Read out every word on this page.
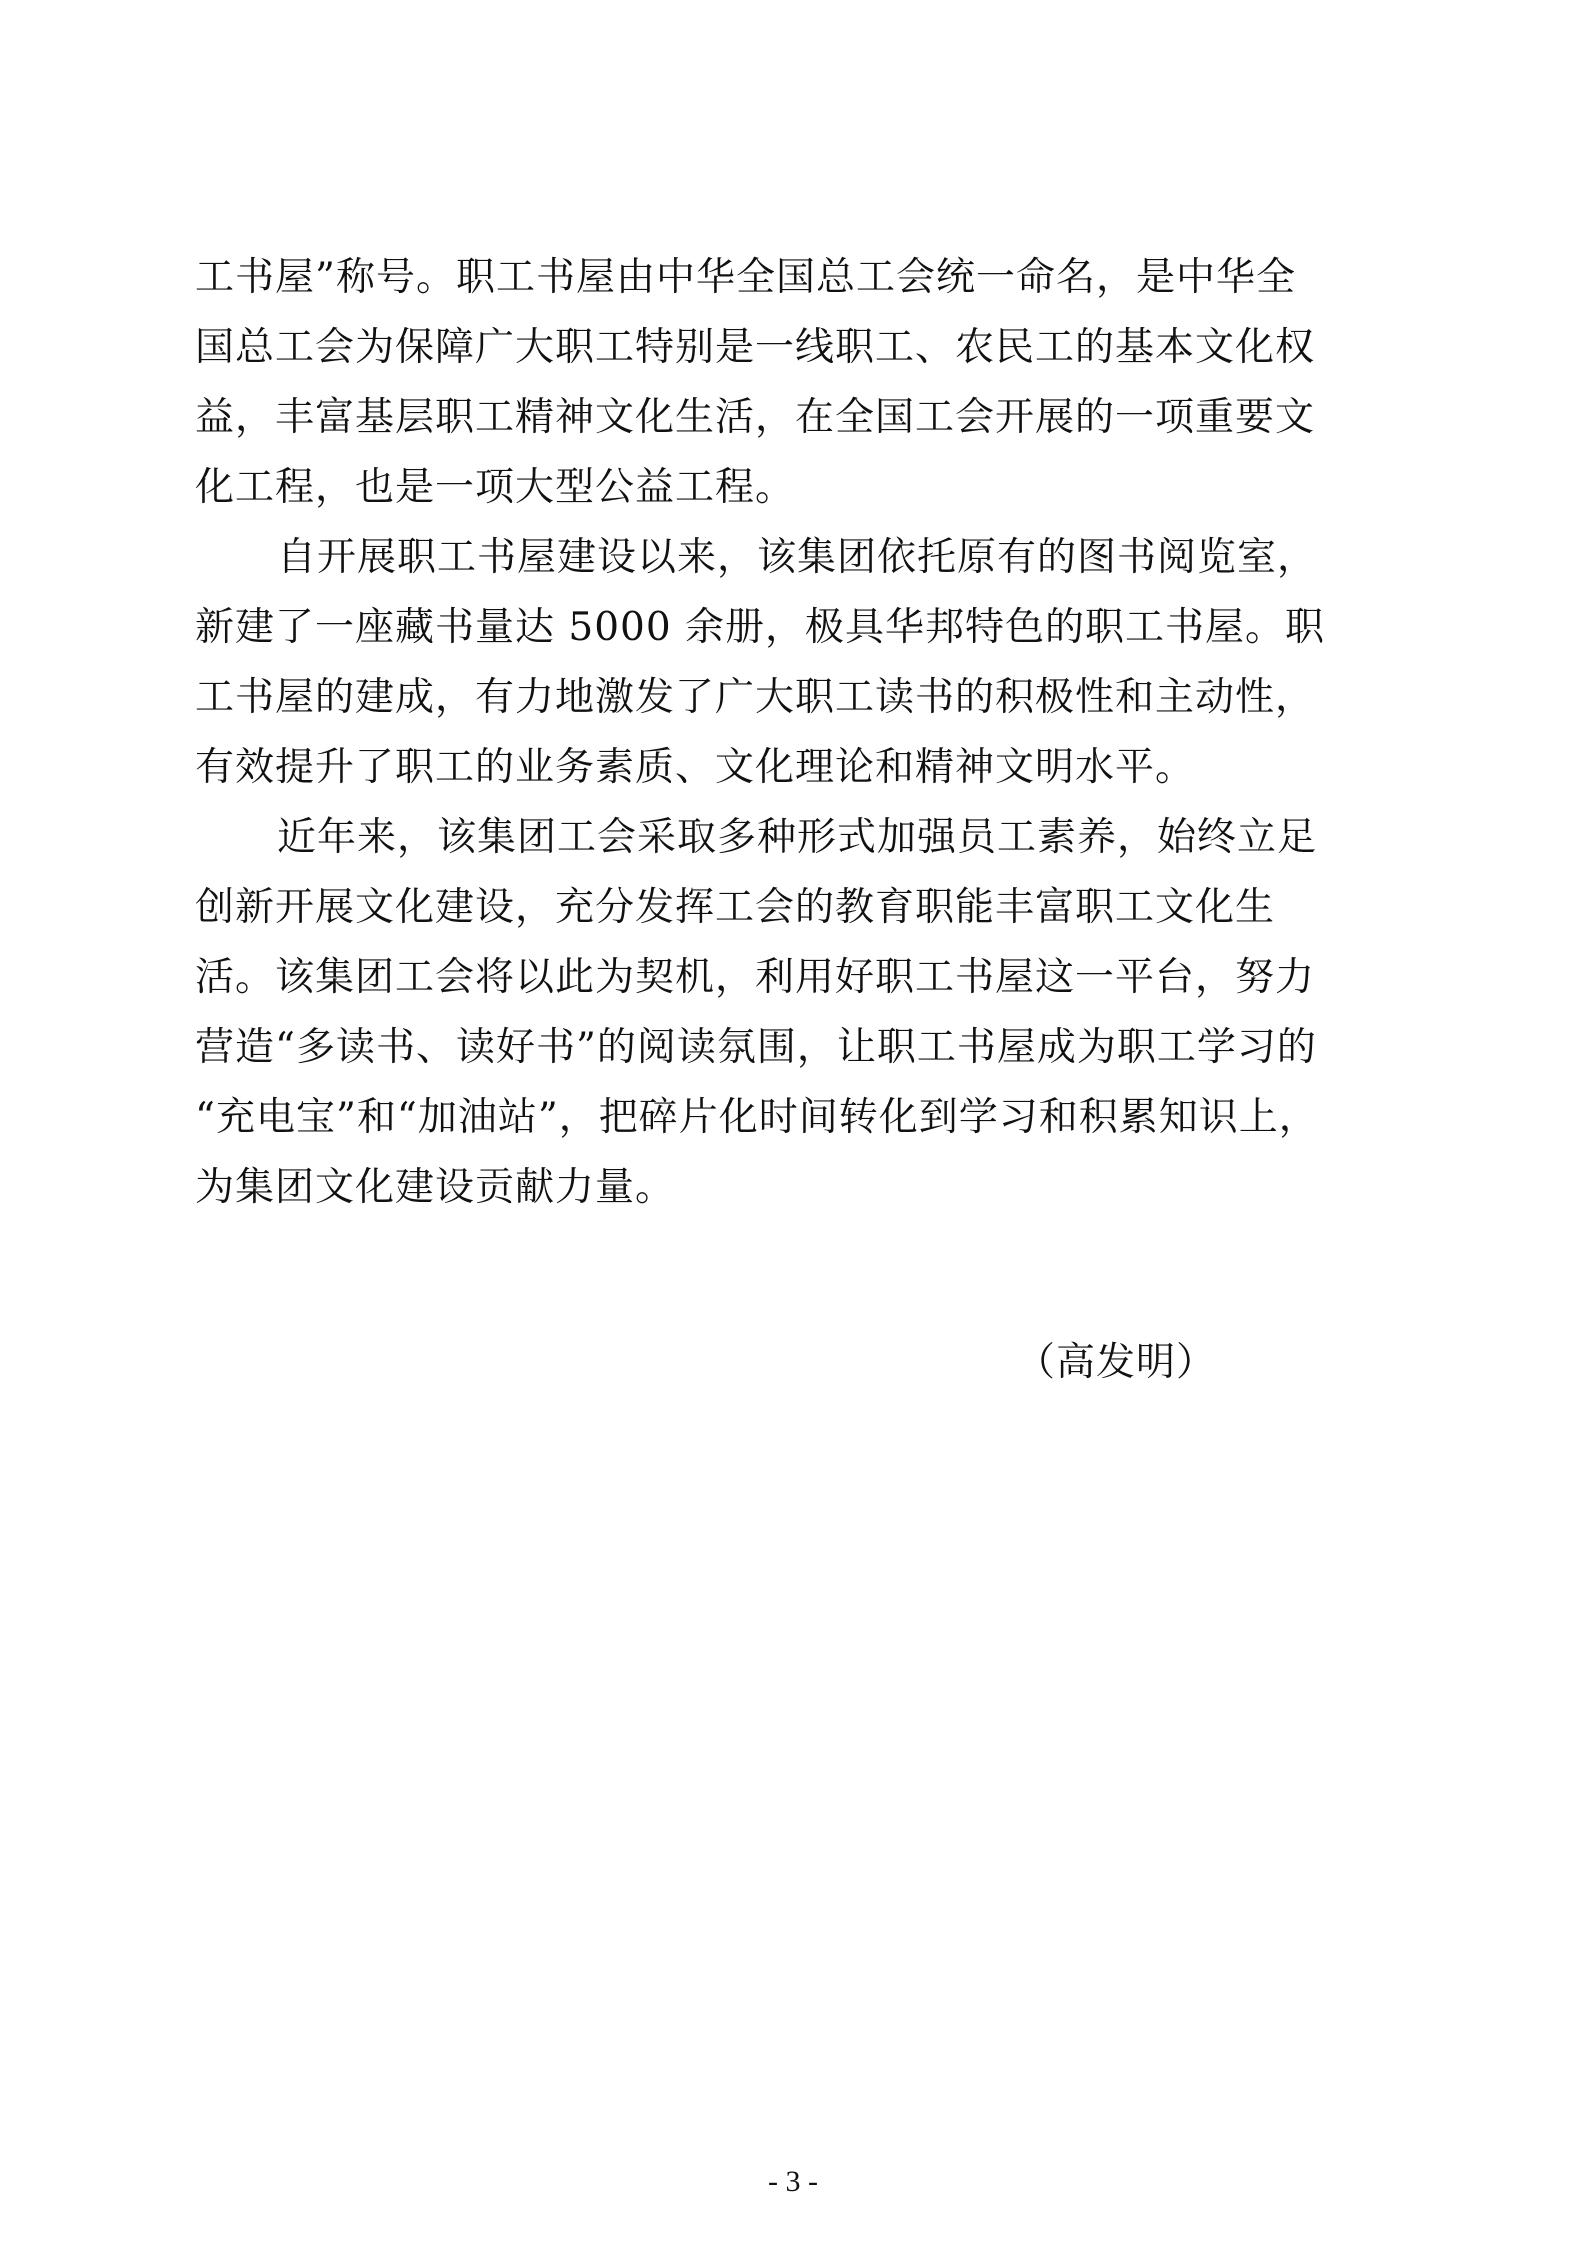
工书屋”称号。职工书屋由中华全国总工会统一命名，是中华全
国总工会为保障广大职工特别是一线职工、农民工的基本文化权
益，丰富基层职工精神文化生活，在全国工会开展的一项重要文
化工程，也是一项大型公益工程。
自开展职工书屋建设以来，该集团依托原有的图书阅览室，
新建了一座藏书量达 5000 余册，极具华邦特色的职工书屋。职
工书屋的建成，有力地激发了广大职工读书的积极性和主动性，
有效提升了职工的业务素质、文化理论和精神文明水平。
近年来，该集团工会采取多种形式加强员工素养，始终立足
创新开展文化建设，充分发挥工会的教育职能丰富职工文化生
活。该集团工会将以此为契机，利用好职工书屋这一平台，努力
营造“多读书、读好书”的阅读氛围，让职工书屋成为职工学习的
“充电宝”和“加油站”，把碎片化时间转化到学习和积累知识上，
为集团文化建设贡献力量。
（高发明）
- 3 -
